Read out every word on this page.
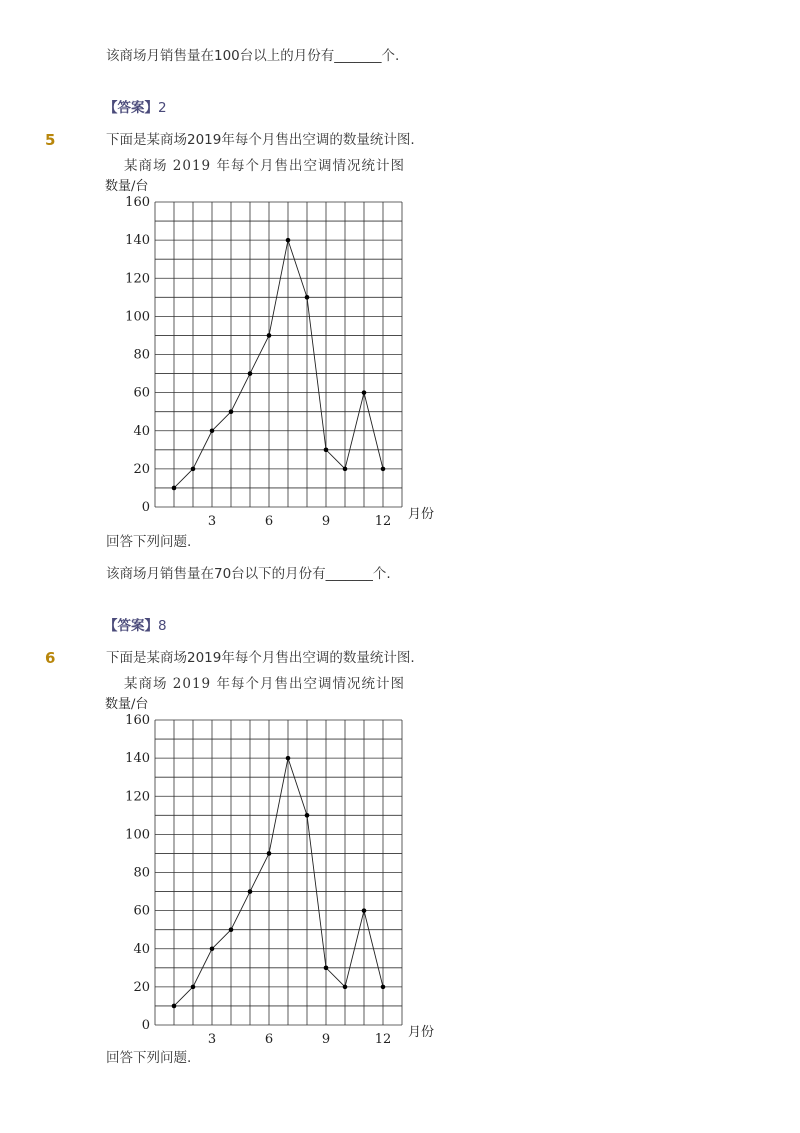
该商场月销售量在100台以上的月份有_______个.
【答案】2
5	下面是某商场2019年每个月售出空调的数量统计图.
某商场 2019 年每个月售出空调情况统计图
数量/台
月份
0
20
40
60
80
100
120
140
160
3	6	9	12
回答下列问题.
该商场月销售量在70台以下的月份有_______个.
【答案】8
6	下面是某商场2019年每个月售出空调的数量统计图.
某商场 2019 年每个月售出空调情况统计图
数量/台
月份
0
20
40
60
80
100
120
140
160
3	6	9	12
回答下列问题.
